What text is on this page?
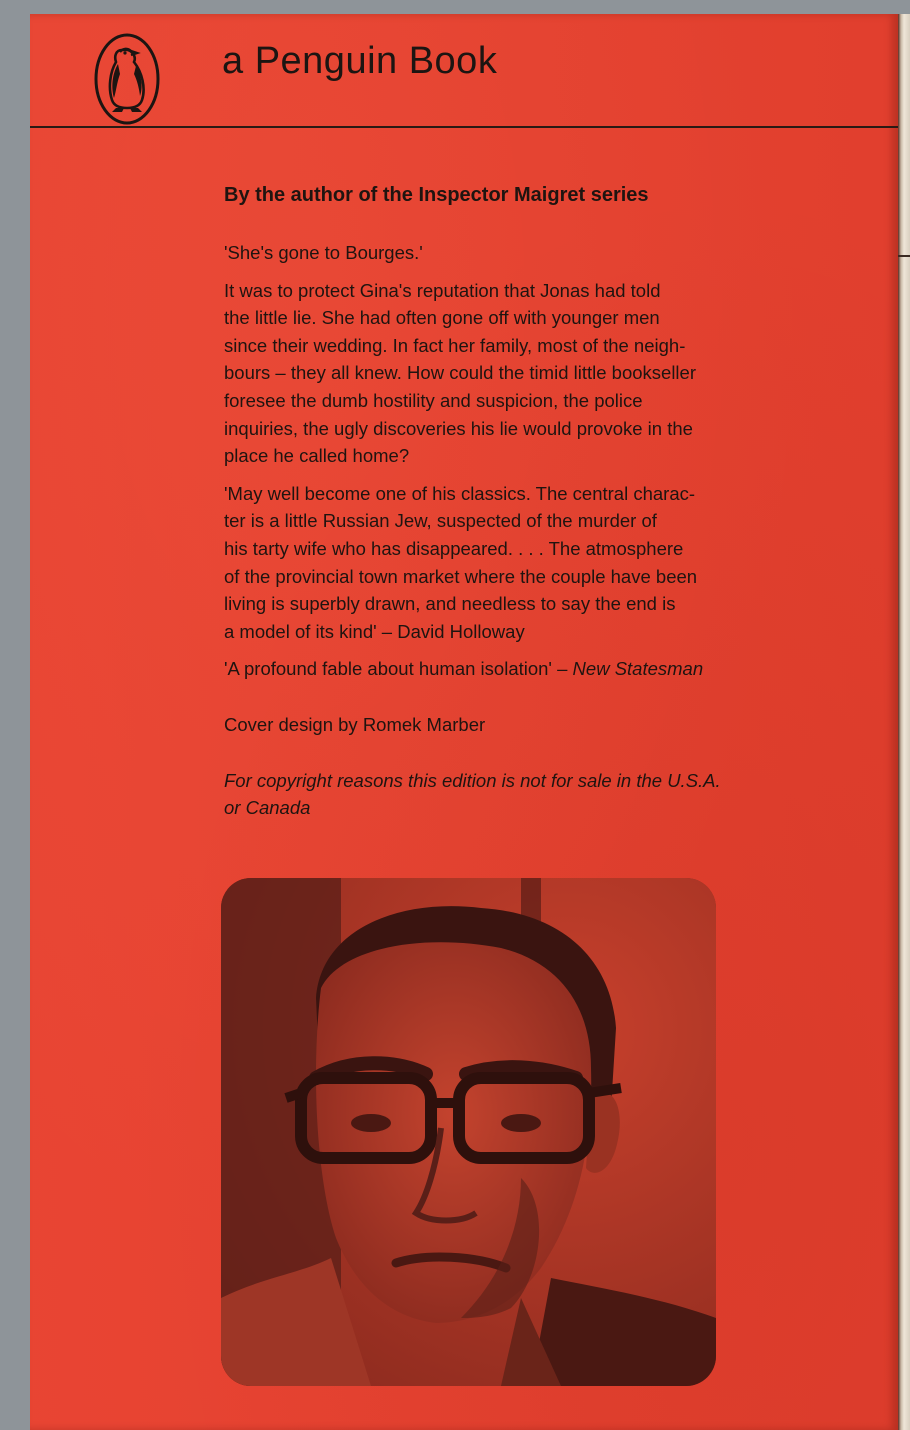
a Penguin Book
By the author of the Inspector Maigret series

'She's gone to Bourges.'

It was to protect Gina's reputation that Jonas had told
the little lie. She had often gone off with younger men
since their wedding. In fact her family, most of the neigh-
bours – they all knew. How could the timid little bookseller
foresee the dumb hostility and suspicion, the police
inquiries, the ugly discoveries his lie would provoke in the
place he called home?

'May well become one of his classics. The central charac-
ter is a little Russian Jew, suspected of the murder of
his tarty wife who has disappeared. . . . The atmosphere
of the provincial town market where the couple have been
living is superbly drawn, and needless to say the end is
a model of its kind' – David Holloway

'A profound fable about human isolation' – New Statesman

Cover design by Romek Marber

For copyright reasons this edition is not for sale in the U.S.A.
or Canada
